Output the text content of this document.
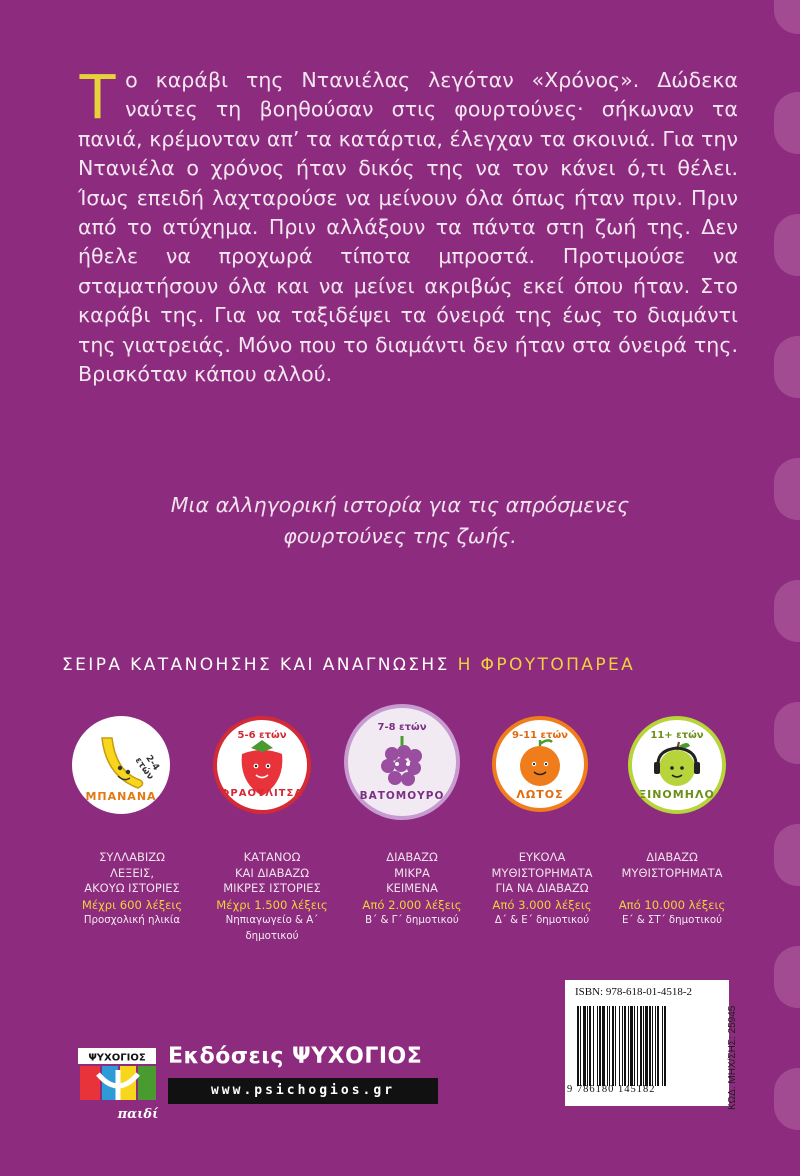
Το καράβι της Ντανιέλας λεγόταν «Χρόνος». Δώδεκα ναύτες τη βοηθούσαν στις φουρτούνες· σήκωναν τα πανιά, κρέμονταν απ’ τα κατάρτια, έλεγχαν τα σκοινιά. Για την Ντανιέλα ο χρόνος ήταν δικός της να τον κάνει ό,τι θέλει. Ίσως επειδή λαχταρούσε να μείνουν όλα όπως ήταν πριν. Πριν από το ατύχημα. Πριν αλλάξουν τα πάντα στη ζωή της. Δεν ήθελε να προχωρά τίποτα μπροστά. Προτιμούσε να σταματήσουν όλα και να μείνει ακριβώς εκεί όπου ήταν. Στο καράβι της. Για να ταξιδέψει τα όνειρά της έως το διαμάντι της γιατρειάς. Μόνο που το διαμάντι δεν ήταν στα όνειρά της. Βρισκόταν κάπου αλλού.
Μια αλληγορική ιστορία για τις απρόσμενες
φουρτούνες της ζωής.
ΣΕΙΡΑ ΚΑΤΑΝΟΗΣΗΣ ΚΑΙ ΑΝΑΓΝΩΣΗΣ Η ΦΡΟΥΤΟΠΑΡΕΑ
2-4 ετών
ΜΠΑΝΑΝΑ
5-6 ετών
ΦΡΑΟΥΛΙΤΣΑ
7-8 ετών
ΒΑΤΟΜΟΥΡΟ
9-11 ετών
ΛΩΤΟΣ
11+ ετών
ΞΙΝΟΜΗΛΟ
ΣΥΛΛΑΒΙΖΩ
ΛΕΞΕΙΣ,
ΑΚΟΥΩ ΙΣΤΟΡΙΕΣ
Μέχρι 600 λέξεις
Προσχολική ηλικία
ΚΑΤΑΝΟΩ
ΚΑΙ ΔΙΑΒΑΖΩ
ΜΙΚΡΕΣ ΙΣΤΟΡΙΕΣ
Μέχρι 1.500 λέξεις
Νηπιαγωγείο & Α΄ δημοτικού
ΔΙΑΒΑΖΩ
ΜΙΚΡΑ
ΚΕΙΜΕΝΑ
Από 2.000 λέξεις
Β΄ & Γ΄ δημοτικού
ΕΥΚΟΛΑ
ΜΥΘΙΣΤΟΡΗΜΑΤΑ
ΓΙΑ ΝΑ ΔΙΑΒΑΖΩ
Από 3.000 λέξεις
Δ΄ & Ε΄ δημοτικού
ΔΙΑΒΑΖΩ
ΜΥΘΙΣΤΟΡΗΜΑΤΑ

Από 10.000 λέξεις
Ε΄ & ΣΤ΄ δημοτικού
ISBN: 978-618-01-4518-2
9 786180 145182	ΚΩΔ. ΜΗΧ/ΣΗΣ: 25945
ΨΥΧΟΓΙΟΣ
παιδί
Εκδόσεις ΨΥΧΟΓΙΟΣ
www.psichogios.gr
